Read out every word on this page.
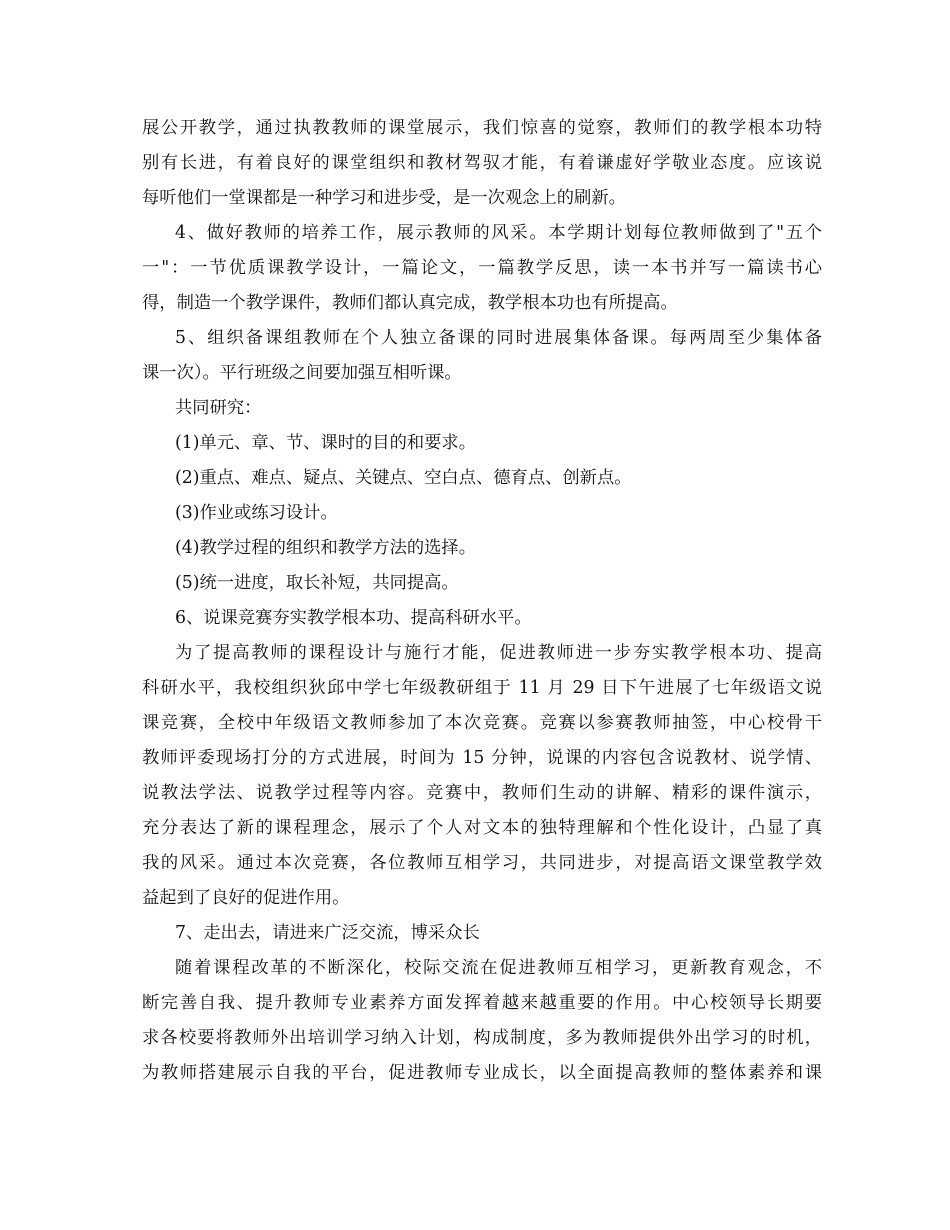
展公开教学，通过执教教师的课堂展示，我们惊喜的觉察，教师们的教学根本功特
别有长进，有着良好的课堂组织和教材驾驭才能，有着谦虚好学敬业态度。应该说
每听他们一堂课都是一种学习和进步受，是一次观念上的刷新。
4、做好教师的培养工作，展示教师的风采。本学期计划每位教师做到了"五个
一"：一节优质课教学设计，一篇论文，一篇教学反思，读一本书并写一篇读书心
得，制造一个教学课件，教师们都认真完成，教学根本功也有所提高。
5、组织备课组教师在个人独立备课的同时进展集体备课。每两周至少集体备
课一次）。平行班级之间要加强互相听课。
共同研究：
(1)单元、章、节、课时的目的和要求。
(2)重点、难点、疑点、关键点、空白点、德育点、创新点。
(3)作业或练习设计。
(4)教学过程的组织和教学方法的选择。
(5)统一进度，取长补短，共同提高。
6、说课竞赛夯实教学根本功、提高科研水平。
为了提高教师的课程设计与施行才能，促进教师进一步夯实教学根本功、提高
科研水平，我校组织狄邱中学七年级教研组于 11 月 29 日下午进展了七年级语文说
课竞赛，全校中年级语文教师参加了本次竞赛。竞赛以参赛教师抽签，中心校骨干
教师评委现场打分的方式进展，时间为 15 分钟，说课的内容包含说教材、说学情、
说教法学法、说教学过程等内容。竞赛中，教师们生动的讲解、精彩的课件演示，
充分表达了新的课程理念，展示了个人对文本的独特理解和个性化设计，凸显了真
我的风采。通过本次竞赛，各位教师互相学习，共同进步，对提高语文课堂教学效
益起到了良好的促进作用。
7、走出去，请进来广泛交流，博采众长
随着课程改革的不断深化，校际交流在促进教师互相学习，更新教育观念，不
断完善自我、提升教师专业素养方面发挥着越来越重要的作用。中心校领导长期要
求各校要将教师外出培训学习纳入计划，构成制度，多为教师提供外出学习的时机，
为教师搭建展示自我的平台，促进教师专业成长，以全面提高教师的整体素养和课
